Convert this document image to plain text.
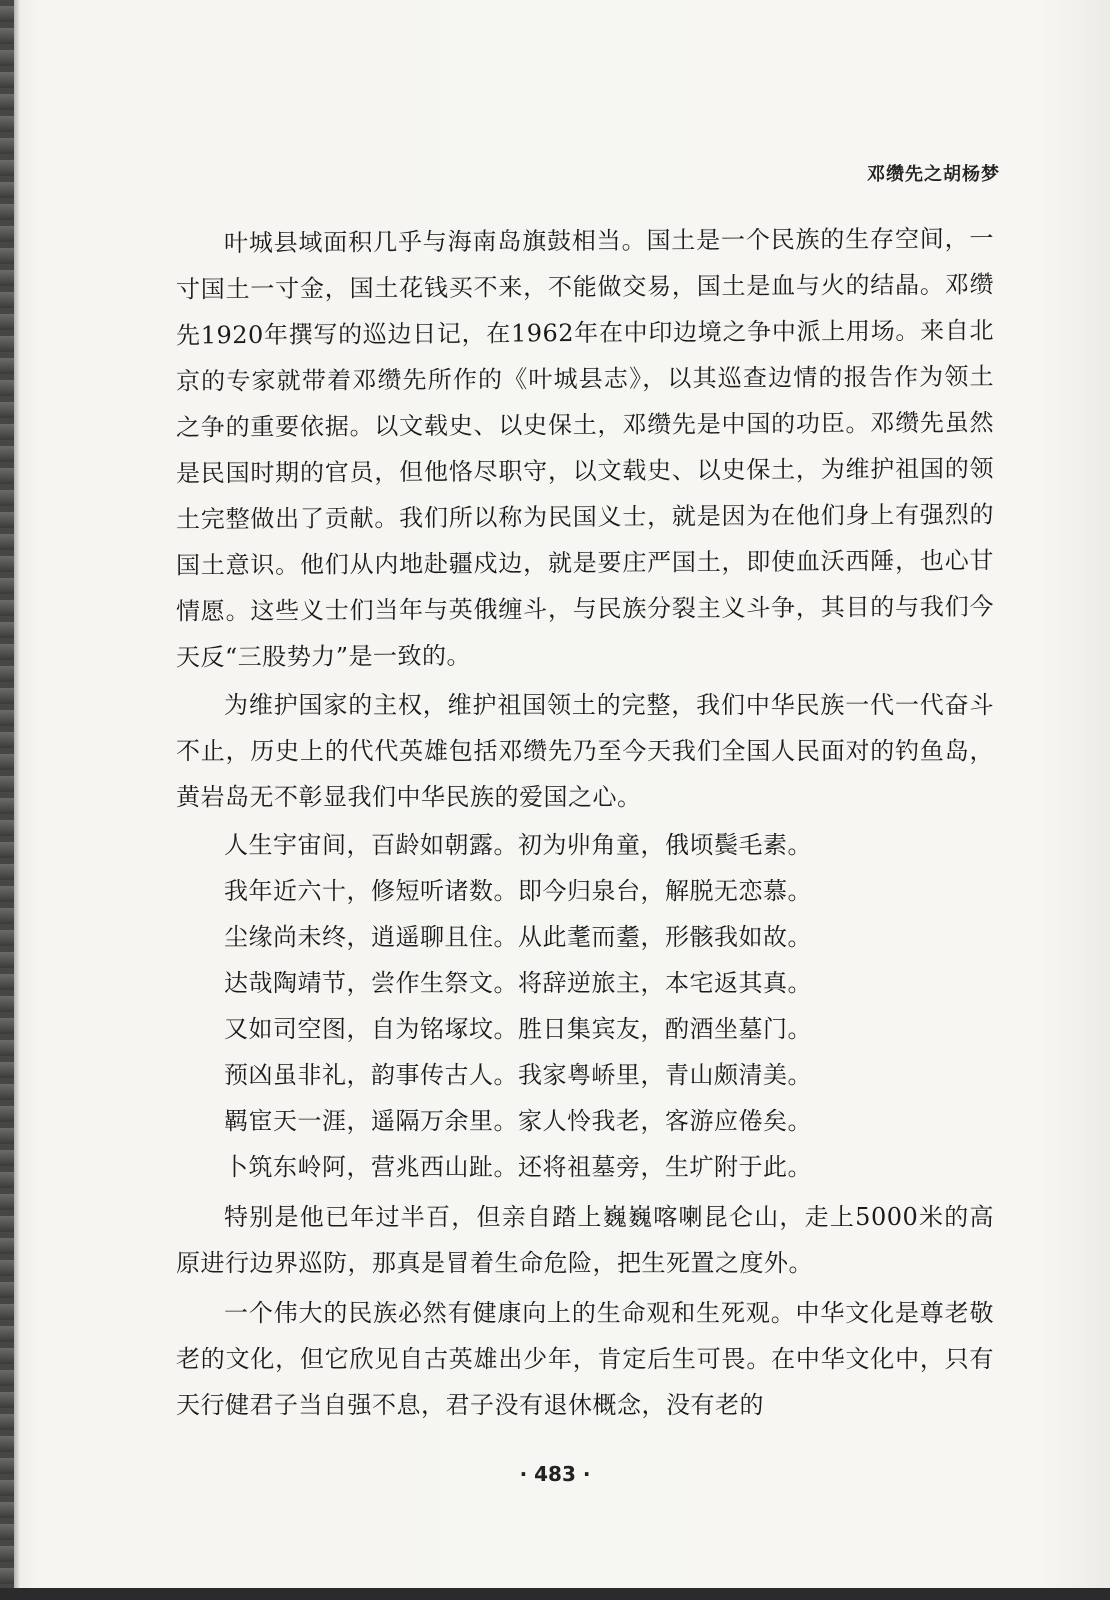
邓缵先之胡杨梦

叶城县域面积几乎与海南岛旗鼓相当。国土是一个民族的生存空间，一寸国土一寸金，国土花钱买不来，不能做交易，国土是血与火的结晶。邓缵先1920年撰写的巡边日记，在1962年在中印边境之争中派上用场。来自北京的专家就带着邓缵先所作的《叶城县志》，以其巡查边情的报告作为领土之争的重要依据。以文载史、以史保土，邓缵先是中国的功臣。邓缵先虽然是民国时期的官员，但他恪尽职守，以文载史、以史保土，为维护祖国的领土完整做出了贡献。我们所以称为民国义士，就是因为在他们身上有强烈的国土意识。他们从内地赴疆戍边，就是要庄严国土，即使血沃西陲，也心甘情愿。这些义士们当年与英俄缠斗，与民族分裂主义斗争，其目的与我们今天反“三股势力”是一致的。

为维护国家的主权，维护祖国领土的完整，我们中华民族一代一代奋斗不止，历史上的代代英雄包括邓缵先乃至今天我们全国人民面对的钓鱼岛，黄岩岛无不彰显我们中华民族的爱国之心。

人生宇宙间，百龄如朝露。初为丱角童，俄顷鬓毛素。
我年近六十，修短听诸数。即今归泉台，解脱无恋慕。
尘缘尚未终，逍遥聊且住。从此耄而耋，形骸我如故。
达哉陶靖节，尝作生祭文。将辞逆旅主，本宅返其真。
又如司空图，自为铭塚坟。胜日集宾友，酌酒坐墓门。
预凶虽非礼，韵事传古人。我家粤峤里，青山颇清美。
羁宦天一涯，遥隔万余里。家人怜我老，客游应倦矣。
卜筑东岭阿，营兆西山趾。还将祖墓旁，生圹附于此。

特别是他已年过半百，但亲自踏上巍巍喀喇昆仑山，走上5000米的高原进行边界巡防，那真是冒着生命危险，把生死置之度外。

一个伟大的民族必然有健康向上的生命观和生死观。中华文化是尊老敬老的文化，但它欣见自古英雄出少年，肯定后生可畏。在中华文化中，只有天行健君子当自强不息，君子没有退休概念，没有老的

· 483 ·
